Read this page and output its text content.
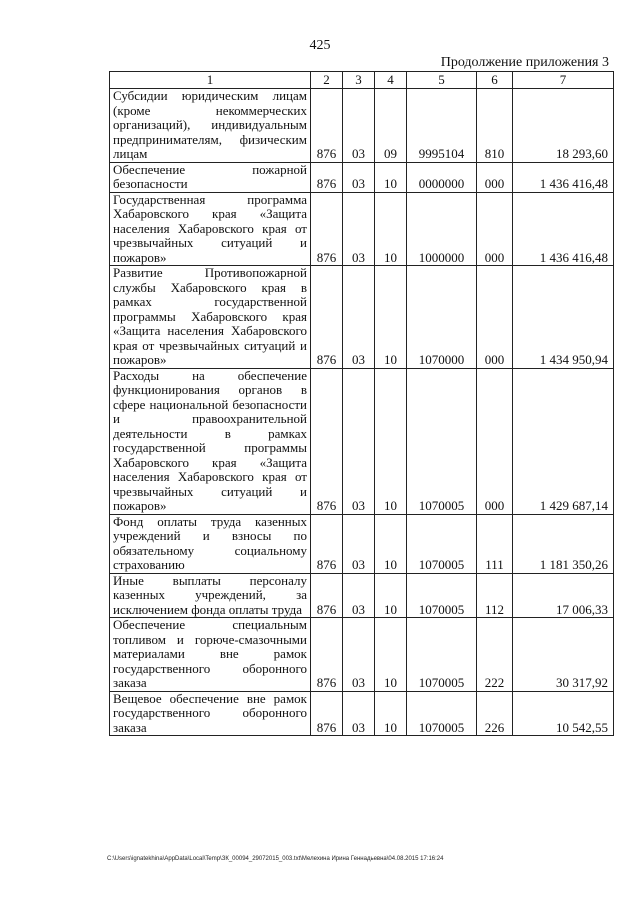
425
Продолжение приложения 3
1	2	3	4	5	6	7
Субсидии юридическим лицам (кроме некоммерческих организаций), индивидуальным предпринимателям, физическим лицам	876	03	09	9995104	810	18 293,60
Обеспечение пожарной безопасности	876	03	10	0000000	000	1 436 416,48
Государственная программа Хабаровского края «Защита населения Хабаровского края от чрезвычайных ситуаций и пожаров»	876	03	10	1000000	000	1 436 416,48
Развитие Противопожарной службы Хабаровского края в рамках государственной программы Хабаровского края «Защита населения Хабаровского края от чрезвычайных ситуаций и пожаров»	876	03	10	1070000	000	1 434 950,94
Расходы на обеспечение функционирования органов в сфере национальной безопасности и правоохранительной деятельности в рамках государственной программы Хабаровского края «Защита населения Хабаровского края от чрезвычайных ситуаций и пожаров»	876	03	10	1070005	000	1 429 687,14
Фонд оплаты труда казенных учреждений и взносы по обязательному социальному страхованию	876	03	10	1070005	111	1 181 350,26
Иные выплаты персоналу казенных учреждений, за исключением фонда оплаты труда	876	03	10	1070005	112	17 006,33
Обеспечение специальным топливом и горюче-смазочными материалами вне рамок государственного оборонного заказа	876	03	10	1070005	222	30 317,92
Вещевое обеспечение вне рамок государственного оборонного заказа	876	03	10	1070005	226	10 542,55
C:\Users\ignatekhina\AppData\Local\Temp\ЗК_00094_29072015_003.txt\Мелехина Ирина Геннадьевна\04.08.2015 17:16:24
